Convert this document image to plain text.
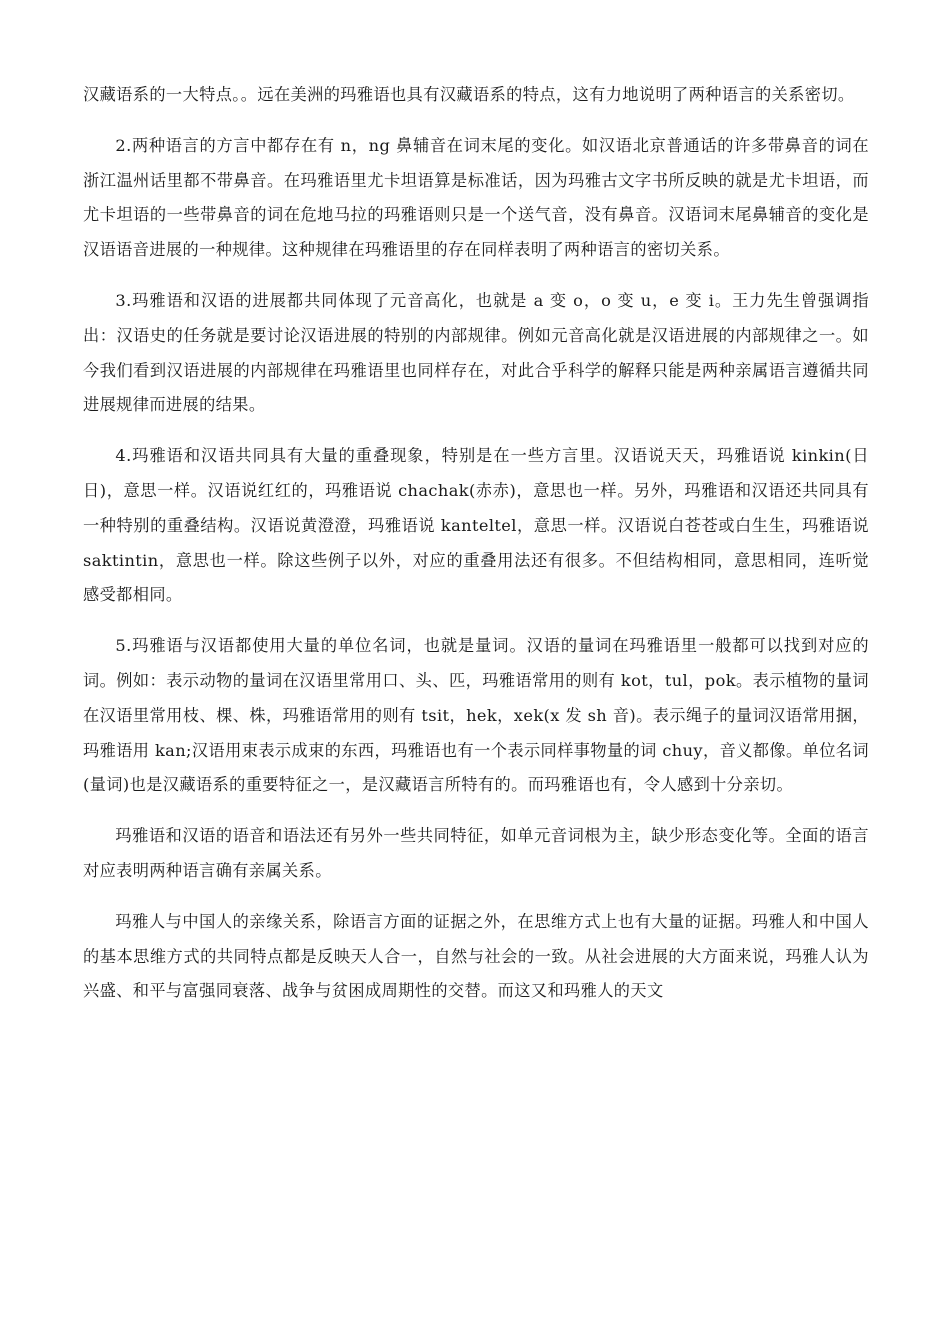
汉藏语系的一大特点。。远在美洲的玛雅语也具有汉藏语系的特点，这有力地说明了两种语言的关系密切。

2.两种语言的方言中都存在有 n，ng 鼻辅音在词末尾的变化。如汉语北京普通话的许多带鼻音的词在浙江温州话里都不带鼻音。在玛雅语里尤卡坦语算是标准话，因为玛雅古文字书所反映的就是尤卡坦语，而尤卡坦语的一些带鼻音的词在危地马拉的玛雅语则只是一个送气音，没有鼻音。汉语词末尾鼻辅音的变化是汉语语音进展的一种规律。这种规律在玛雅语里的存在同样表明了两种语言的密切关系。

3.玛雅语和汉语的进展都共同体现了元音高化，也就是 a 变 o，o 变 u，e 变 i。王力先生曾强调指出：汉语史的任务就是要讨论汉语进展的特别的内部规律。例如元音高化就是汉语进展的内部规律之一。如今我们看到汉语进展的内部规律在玛雅语里也同样存在，对此合乎科学的解释只能是两种亲属语言遵循共同进展规律而进展的结果。

4.玛雅语和汉语共同具有大量的重叠现象，特别是在一些方言里。汉语说天天，玛雅语说 kinkin(日日)，意思一样。汉语说红红的，玛雅语说 chachak(赤赤)，意思也一样。另外，玛雅语和汉语还共同具有一种特别的重叠结构。汉语说黄澄澄，玛雅语说 kanteltel，意思一样。汉语说白苍苍或白生生，玛雅语说 saktintin，意思也一样。除这些例子以外，对应的重叠用法还有很多。不但结构相同，意思相同，连听觉感受都相同。

5.玛雅语与汉语都使用大量的单位名词，也就是量词。汉语的量词在玛雅语里一般都可以找到对应的词。例如：表示动物的量词在汉语里常用口、头、匹，玛雅语常用的则有 kot，tul，pok。表示植物的量词在汉语里常用枝、棵、株，玛雅语常用的则有 tsit，hek，xek(x 发 sh 音)。表示绳子的量词汉语常用捆，玛雅语用 kan;汉语用束表示成束的东西，玛雅语也有一个表示同样事物量的词 chuy，音义都像。单位名词(量词)也是汉藏语系的重要特征之一，是汉藏语言所特有的。而玛雅语也有，令人感到十分亲切。

玛雅语和汉语的语音和语法还有另外一些共同特征，如单元音词根为主，缺少形态变化等。全面的语言对应表明两种语言确有亲属关系。

玛雅人与中国人的亲缘关系，除语言方面的证据之外，在思维方式上也有大量的证据。玛雅人和中国人的基本思维方式的共同特点都是反映天人合一，自然与社会的一致。从社会进展的大方面来说，玛雅人认为兴盛、和平与富强同衰落、战争与贫困成周期性的交替。而这又和玛雅人的天文
